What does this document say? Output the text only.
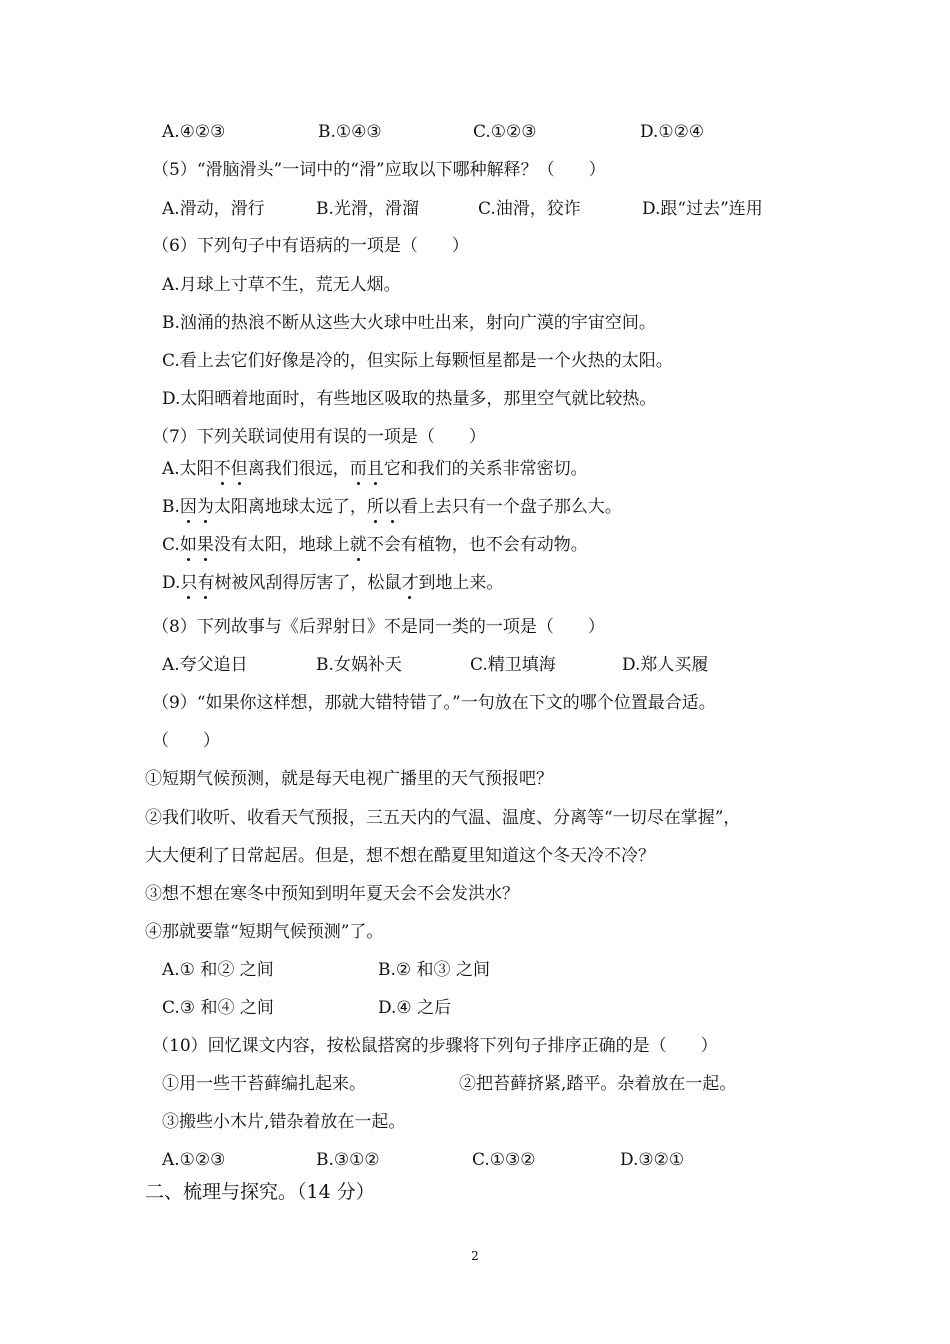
A.④②③	B.①④③	C.①②③	D.①②④
（5）“滑脑滑头”一词中的“滑”应取以下哪种解释？（　　）
A.滑动，滑行	B.光滑，滑溜	C.油滑，狡诈	D.跟“过去”连用
（6）下列句子中有语病的一项是（　　）
A.月球上寸草不生，荒无人烟。
B.汹涌的热浪不断从这些大火球中吐出来，射向广漠的宇宙空间。
C.看上去它们好像是冷的，但实际上每颗恒星都是一个火热的太阳。
D.太阳晒着地面时，有些地区吸取的热量多，那里空气就比较热。
（7）下列关联词使用有误的一项是（　　）
A.太阳不但离我们很远，而且它和我们的关系非常密切。
B.因为太阳离地球太远了，所以看上去只有一个盘子那么大。
C.如果没有太阳，地球上就不会有植物，也不会有动物。
D.只有树被风刮得厉害了，松鼠才到地上来。
（8）下列故事与《后羿射日》不是同一类的一项是（　　）
A.夸父追日	B.女娲补天	C.精卫填海	D.郑人买履
（9）“如果你这样想，那就大错特错了。”一句放在下文的哪个位置最合适。
（　　）
①短期气候预测，就是每天电视广播里的天气预报吧？
②我们收听、收看天气预报，三五天内的气温、温度、分离等“一切尽在掌握”，
大大便利了日常起居。但是，想不想在酷夏里知道这个冬天冷不冷？
③想不想在寒冬中预知到明年夏天会不会发洪水？
④那就要靠“短期气候预测”了。
A.① 和② 之间	B.② 和③ 之间
C.③ 和④ 之间	D.④ 之后
（10）回忆课文内容，按松鼠搭窝的步骤将下列句子排序正确的是（　　）
①用一些干苔藓编扎起来。	②把苔藓挤紧,踏平。杂着放在一起。
③搬些小木片,错杂着放在一起。
A.①②③	B.③①②	C.①③②	D.③②①
二、梳理与探究。（14 分）
2
